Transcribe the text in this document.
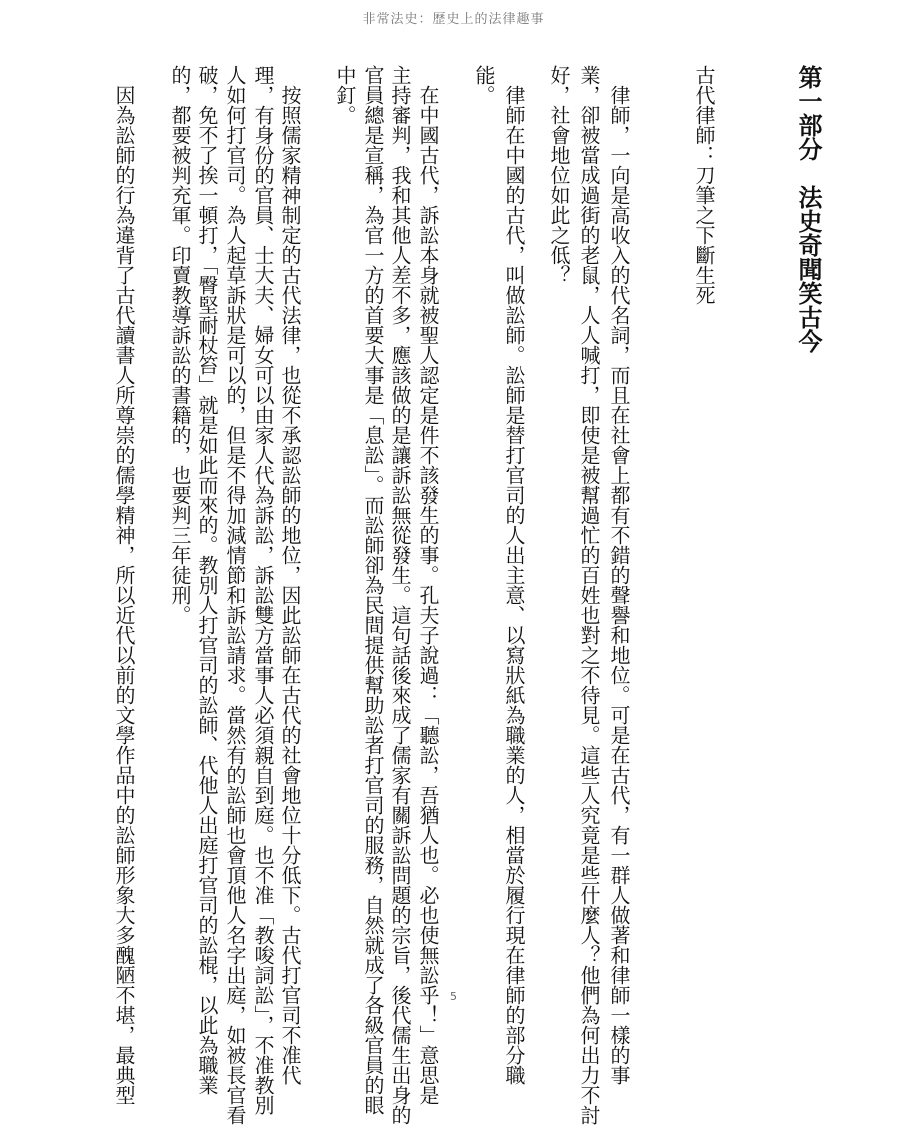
非常法史：歷史上的法律趣事
第一部分　法史奇聞笑古今
古代律師：刀筆之下斷生死
　律師，一向是高收入的代名詞，而且在社會上都有不錯的聲譽和地位。可是在古代，有一群人做著和律師一樣的事
業，卻被當成過街的老鼠，人人喊打，即使是被幫過忙的百姓也對之不待見。這些人究竟是些什麼人？他們為何出力不討
好，社會地位如此之低？
　律師在中國的古代，叫做訟師。訟師是替打官司的人出主意、以寫狀紙為職業的人，相當於履行現在律師的部分職
能。
　在中國古代，訴訟本身就被聖人認定是件不該發生的事。孔夫子說過：「聽訟，吾猶人也。必也使無訟乎！」意思是
主持審判，我和其他人差不多，應該做的是讓訴訟無從發生。這句話後來成了儒家有關訴訟問題的宗旨，後代儒生出身的
官員總是宣稱，為官一方的首要大事是「息訟」。而訟師卻為民間提供幫助訟者打官司的服務，自然就成了各級官員的眼
中釘。
　按照儒家精神制定的古代法律，也從不承認訟師的地位，因此訟師在古代的社會地位十分低下。古代打官司不准代
理，有身份的官員、士大夫、婦女可以由家人代為訴訟，訴訟雙方當事人必須親自到庭。也不准「教唆詞訟」，不准教別
人如何打官司。為人起草訴狀是可以的，但是不得加減情節和訴訟請求。當然有的訟師也會頂他人名字出庭，如被長官看
破，免不了挨一頓打，「臀堅耐杖笞」就是如此而來的。教別人打官司的訟師、代他人出庭打官司的訟棍，以此為職業
的，都要被判充軍。印賣教導訴訟的書籍的，也要判三年徒刑。
　因為訟師的行為違背了古代讀書人所尊崇的儒學精神，所以近代以前的文學作品中的訟師形象大多醜陋不堪，最典型	5
